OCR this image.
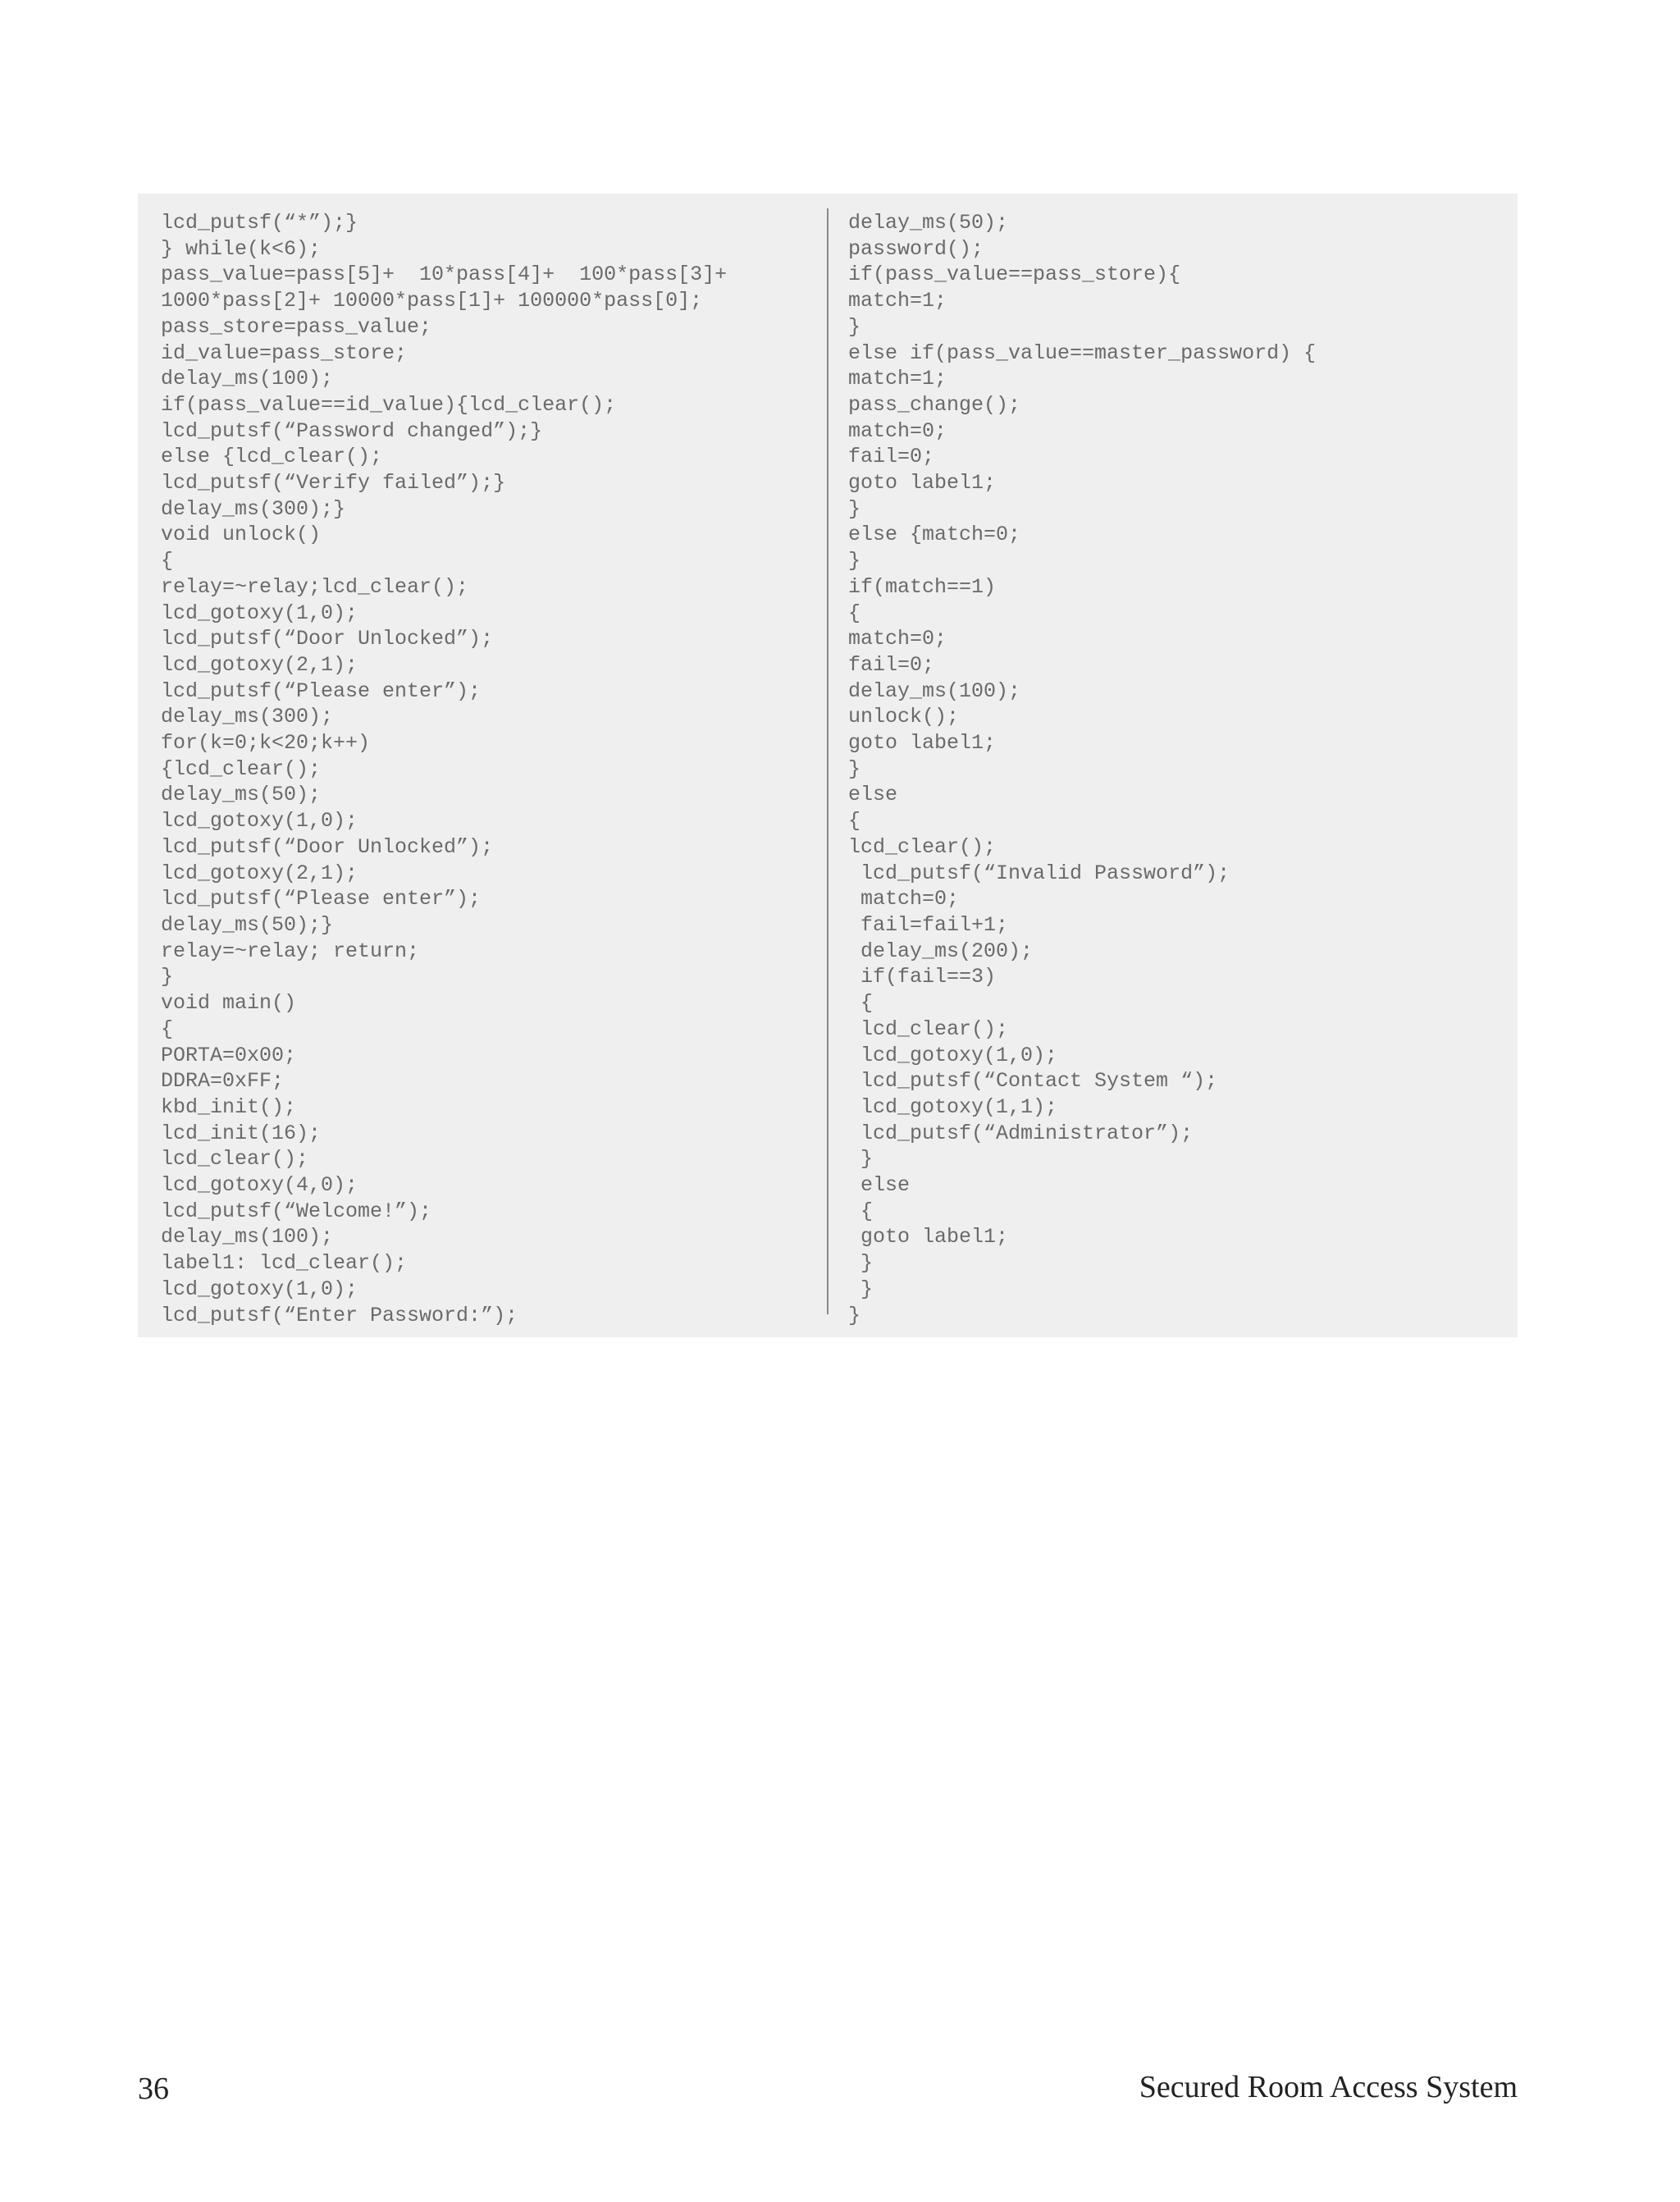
lcd_putsf(“*”);}
} while(k<6);
pass_value=pass[5]+  10*pass[4]+  100*pass[3]+
1000*pass[2]+ 10000*pass[1]+ 100000*pass[0];
pass_store=pass_value;
id_value=pass_store;
delay_ms(100);
if(pass_value==id_value){lcd_clear();
lcd_putsf(“Password changed”);}
else {lcd_clear();
lcd_putsf(“Verify failed”);}
delay_ms(300);}
void unlock()
{
relay=~relay;lcd_clear();
lcd_gotoxy(1,0);
lcd_putsf(“Door Unlocked”);
lcd_gotoxy(2,1);
lcd_putsf(“Please enter”);
delay_ms(300);
for(k=0;k<20;k++)
{lcd_clear();
delay_ms(50);
lcd_gotoxy(1,0);
lcd_putsf(“Door Unlocked”);
lcd_gotoxy(2,1);
lcd_putsf(“Please enter”);
delay_ms(50);}
relay=~relay; return;
}
void main()
{
PORTA=0x00;
DDRA=0xFF;
kbd_init();
lcd_init(16);
lcd_clear();
lcd_gotoxy(4,0);
lcd_putsf(“Welcome!”);
delay_ms(100);
label1: lcd_clear();
lcd_gotoxy(1,0);
lcd_putsf(“Enter Password:”);
delay_ms(50);
password();
if(pass_value==pass_store){
match=1;
}
else if(pass_value==master_password) {
match=1;
pass_change();
match=0;
fail=0;
goto label1;
}
else {match=0;
}
if(match==1)
{
match=0;
fail=0;
delay_ms(100);
unlock();
goto label1;
}
else
{
lcd_clear();
lcd_putsf(“Invalid Password”);
match=0;
fail=fail+1;
delay_ms(200);
if(fail==3)
{
lcd_clear();
lcd_gotoxy(1,0);
lcd_putsf(“Contact System “);
lcd_gotoxy(1,1);
lcd_putsf(“Administrator”);
}
else
{
goto label1;
}
}
}
36	Secured Room Access System
